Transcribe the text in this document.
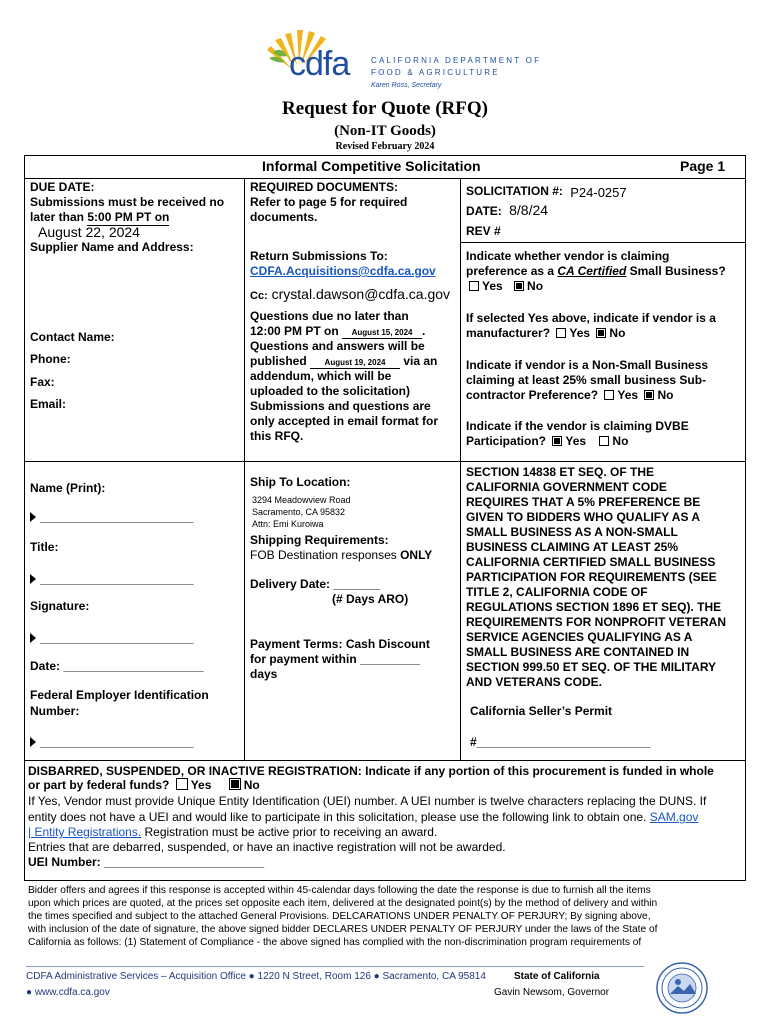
cdfa	CALIFORNIA DEPARTMENT OF
FOOD & AGRICULTURE
Karen Ross, Secretary
Request for Quote (RFQ)
(Non-IT Goods)
Revised February 2024
Informal Competitive Solicitation	Page 1
DUE DATE:
Submissions must be received no
later than 5:00 PM PT on
August 22, 2024
Supplier Name and Address:
Contact Name:
Phone:
Fax:
Email:
Name (Print):
_______________________
Title:
_______________________
Signature:
_______________________
Date: _____________________
Federal Employer Identification
Number:
_______________________
REQUIRED DOCUMENTS:
Refer to page 5 for required
documents.
Return Submissions To:
CDFA.Acquisitions@cdfa.ca.gov
Cc: crystal.dawson@cdfa.ca.gov
Questions due no later than
12:00 PM PT on August 15, 2024 .
Questions and answers will be
published August 19, 2024 via an
addendum, which will be
uploaded to the solicitation)
Submissions and questions are
only accepted in email format for
this RFQ.
Ship To Location:
3294 Meadowview Road
Sacramento, CA 95832
Attn: Emi Kuroiwa
Shipping Requirements:
FOB Destination responses ONLY
Delivery Date: _______
(# Days ARO)
Payment Terms: Cash Discount
for payment within _________
days
SOLICITATION #: P24-0257
DATE: 8/8/24
REV #
Indicate whether vendor is claiming
preference as a CA Certified Small Business?
Yes No
If selected Yes above, indicate if vendor is a
manufacturer? Yes No
Indicate if vendor is a Non-Small Business
claiming at least 25% small business Sub-
contractor Preference? Yes No
Indicate if the vendor is claiming DVBE
Participation? Yes No
SECTION 14838 ET SEQ. OF THE
CALIFORNIA GOVERNMENT CODE
REQUIRES THAT A 5% PREFERENCE BE
GIVEN TO BIDDERS WHO QUALIFY AS A
SMALL BUSINESS AS A NON-SMALL
BUSINESS CLAIMING AT LEAST 25%
CALIFORNIA CERTIFIED SMALL BUSINESS
PARTICIPATION FOR REQUIREMENTS (SEE
TITLE 2, CALIFORNIA CODE OF
REGULATIONS SECTION 1896 ET SEQ). THE
REQUIREMENTS FOR NONPROFIT VETERAN
SERVICE AGENCIES QUALIFYING AS A
SMALL BUSINESS ARE CONTAINED IN
SECTION 999.50 ET SEQ. OF THE MILITARY
AND VETERANS CODE.
California Seller’s Permit
#__________________________
DISBARRED, SUSPENDED, OR INACTIVE REGISTRATION: Indicate if any portion of this procurement is funded in whole
or part by federal funds? Yes	No
If Yes, Vendor must provide Unique Entity Identification (UEI) number. A UEI number is twelve characters replacing the DUNS. If
entity does not have a UEI and would like to participate in this solicitation, please use the following link to obtain one. SAM.gov
| Entity Registrations. Registration must be active prior to receiving an award.
Entries that are debarred, suspended, or have an inactive registration will not be awarded.
UEI Number: ________________________
Bidder offers and agrees if this response is accepted within 45-calendar days following the date the response is due to furnish all the items
upon which prices are quoted, at the prices set opposite each item, delivered at the designated point(s) by the method of delivery and within
the times specified and subject to the attached General Provisions. DELCARATIONS UNDER PENALTY OF PERJURY; By signing above,
with inclusion of the date of signature, the above signed bidder DECLARES UNDER PENALTY OF PERJURY under the laws of the State of
California as follows: (1) Statement of Compliance - the above signed has complied with the non-discrimination program requirements of
CDFA Administrative Services – Acquisition Office ● 1220 N Street, Room 126 ● Sacramento, CA 95814
● www.cdfa.ca.gov
State of California
Gavin Newsom, Governor
